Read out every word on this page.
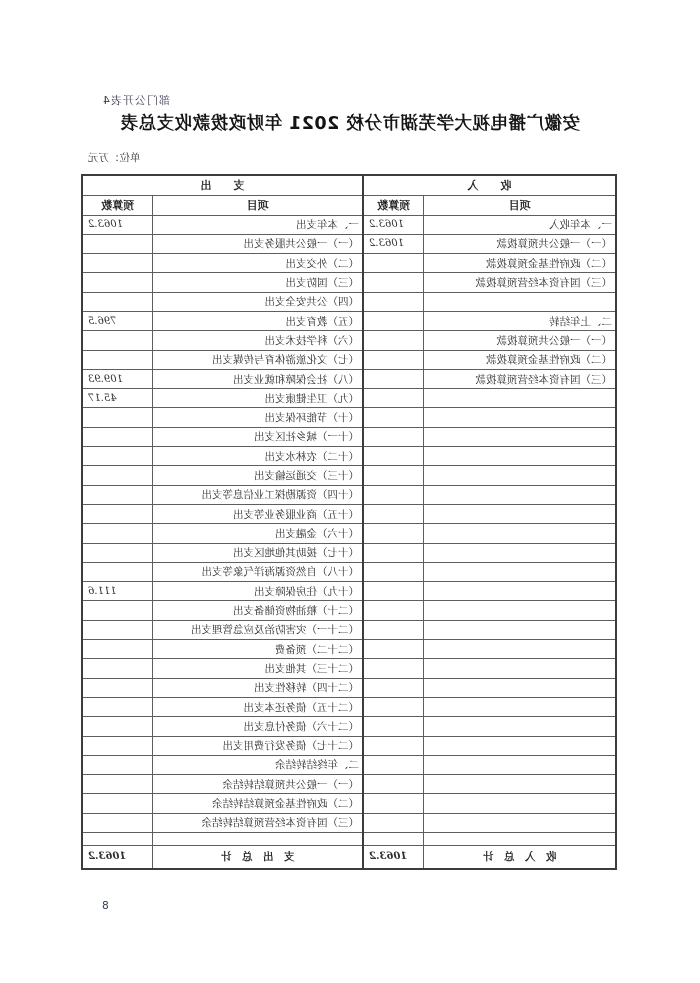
部门公开表4
安徽广播电视大学芜湖市分校 2021 年财政拨款收支总表
单位：万元
收　　入		支　　出	
项目	预算数	项目	预算数
一、本年收入	1063.2	一、本年支出	1063.2
（一）一般公共预算拨款	1063.2	（一）一般公共服务支出	
（二）政府性基金预算拨款		（二）外交支出	
（三）国有资本经营预算拨款		（三）国防支出	
		（四）公共安全支出	
二、上年结转		（五）教育支出	796.5
（一）一般公共预算拨款		（六）科学技术支出	
（二）政府性基金预算拨款		（七）文化旅游体育与传媒支出	
（三）国有资本经营预算拨款		（八）社会保障和就业支出	109.93
		（九）卫生健康支出	45.17
		（十）节能环保支出	
		（十一）城乡社区支出	
		（十二）农林水支出	
		（十三）交通运输支出	
		（十四）资源勘探工业信息等支出	
		（十五）商业服务业等支出	
		（十六）金融支出	
		（十七）援助其他地区支出	
		（十八）自然资源海洋气象等支出	
		（十九）住房保障支出	111.6
		（二十）粮油物资储备支出	
		（二十一）灾害防治及应急管理支出	
		（二十二）预备费	
		（二十三）其他支出	
		（二十四）转移性支出	
		（二十五）债务还本支出	
		（二十六）债务付息支出	
		（二十七）债务发行费用支出	
		二、年终结转结余	
		（一）一般公共预算结转结余	
		（二）政府性基金预算结转结余	
		（三）国有资本经营预算结转结余	

收　入　总　计	1063.2	支　出　总　计	1063.2
8
